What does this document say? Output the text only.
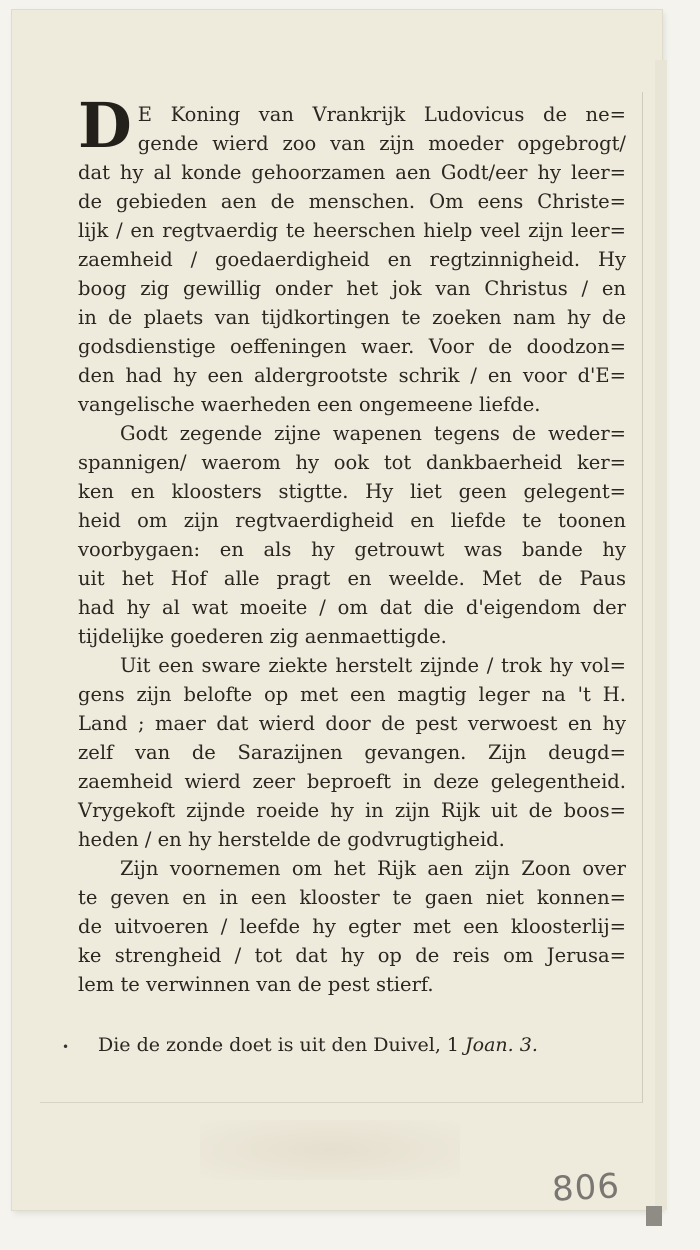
D E Koning van Vrankrijk Ludovicus de ne=
gende wierd zoo van zijn moeder opgebrogt/
dat hy al konde gehoorzamen aen Godt/eer hy leer=
de gebieden aen de menschen. Om eens Christe=
lijk / en regtvaerdig te heerschen hielp veel zijn leer=
zaemheid / goedaerdigheid en regtzinnigheid. Hy
boog zig gewillig onder het jok van Christus / en
in de plaets van tijdkortingen te zoeken nam hy de
godsdienstige oeffeningen waer. Voor de doodzon=
den had hy een aldergrootste schrik / en voor d'E=
vangelische waerheden een ongemeene liefde.
Godt zegende zijne wapenen tegens de weder=
spannigen/ waerom hy ook tot dankbaerheid ker=
ken en kloosters stigtte. Hy liet geen gelegent=
heid om zijn regtvaerdigheid en liefde te toonen
voorbygaen: en als hy getrouwt was bande hy
uit het Hof alle pragt en weelde. Met de Paus
had hy al wat moeite / om dat die d'eigendom der
tijdelijke goederen zig aenmaettigde.
Uit een sware ziekte herstelt zijnde / trok hy vol=
gens zijn belofte op met een magtig leger na 't H.
Land ; maer dat wierd door de pest verwoest en hy
zelf van de Sarazijnen gevangen. Zijn deugd=
zaemheid wierd zeer beproeft in deze gelegentheid.
Vrygekoft zijnde roeide hy in zijn Rijk uit de boos=
heden / en hy herstelde de godvrugtigheid.
Zijn voornemen om het Rijk aen zijn Zoon over
te geven en in een klooster te gaen niet konnen=
de uitvoeren / leefde hy egter met een kloosterlij=
ke strengheid / tot dat hy op de reis om Jerusa=
lem te verwinnen van de pest stierf.
• Die de zonde doet is uit den Duivel, 1 Joan. 3.
806
